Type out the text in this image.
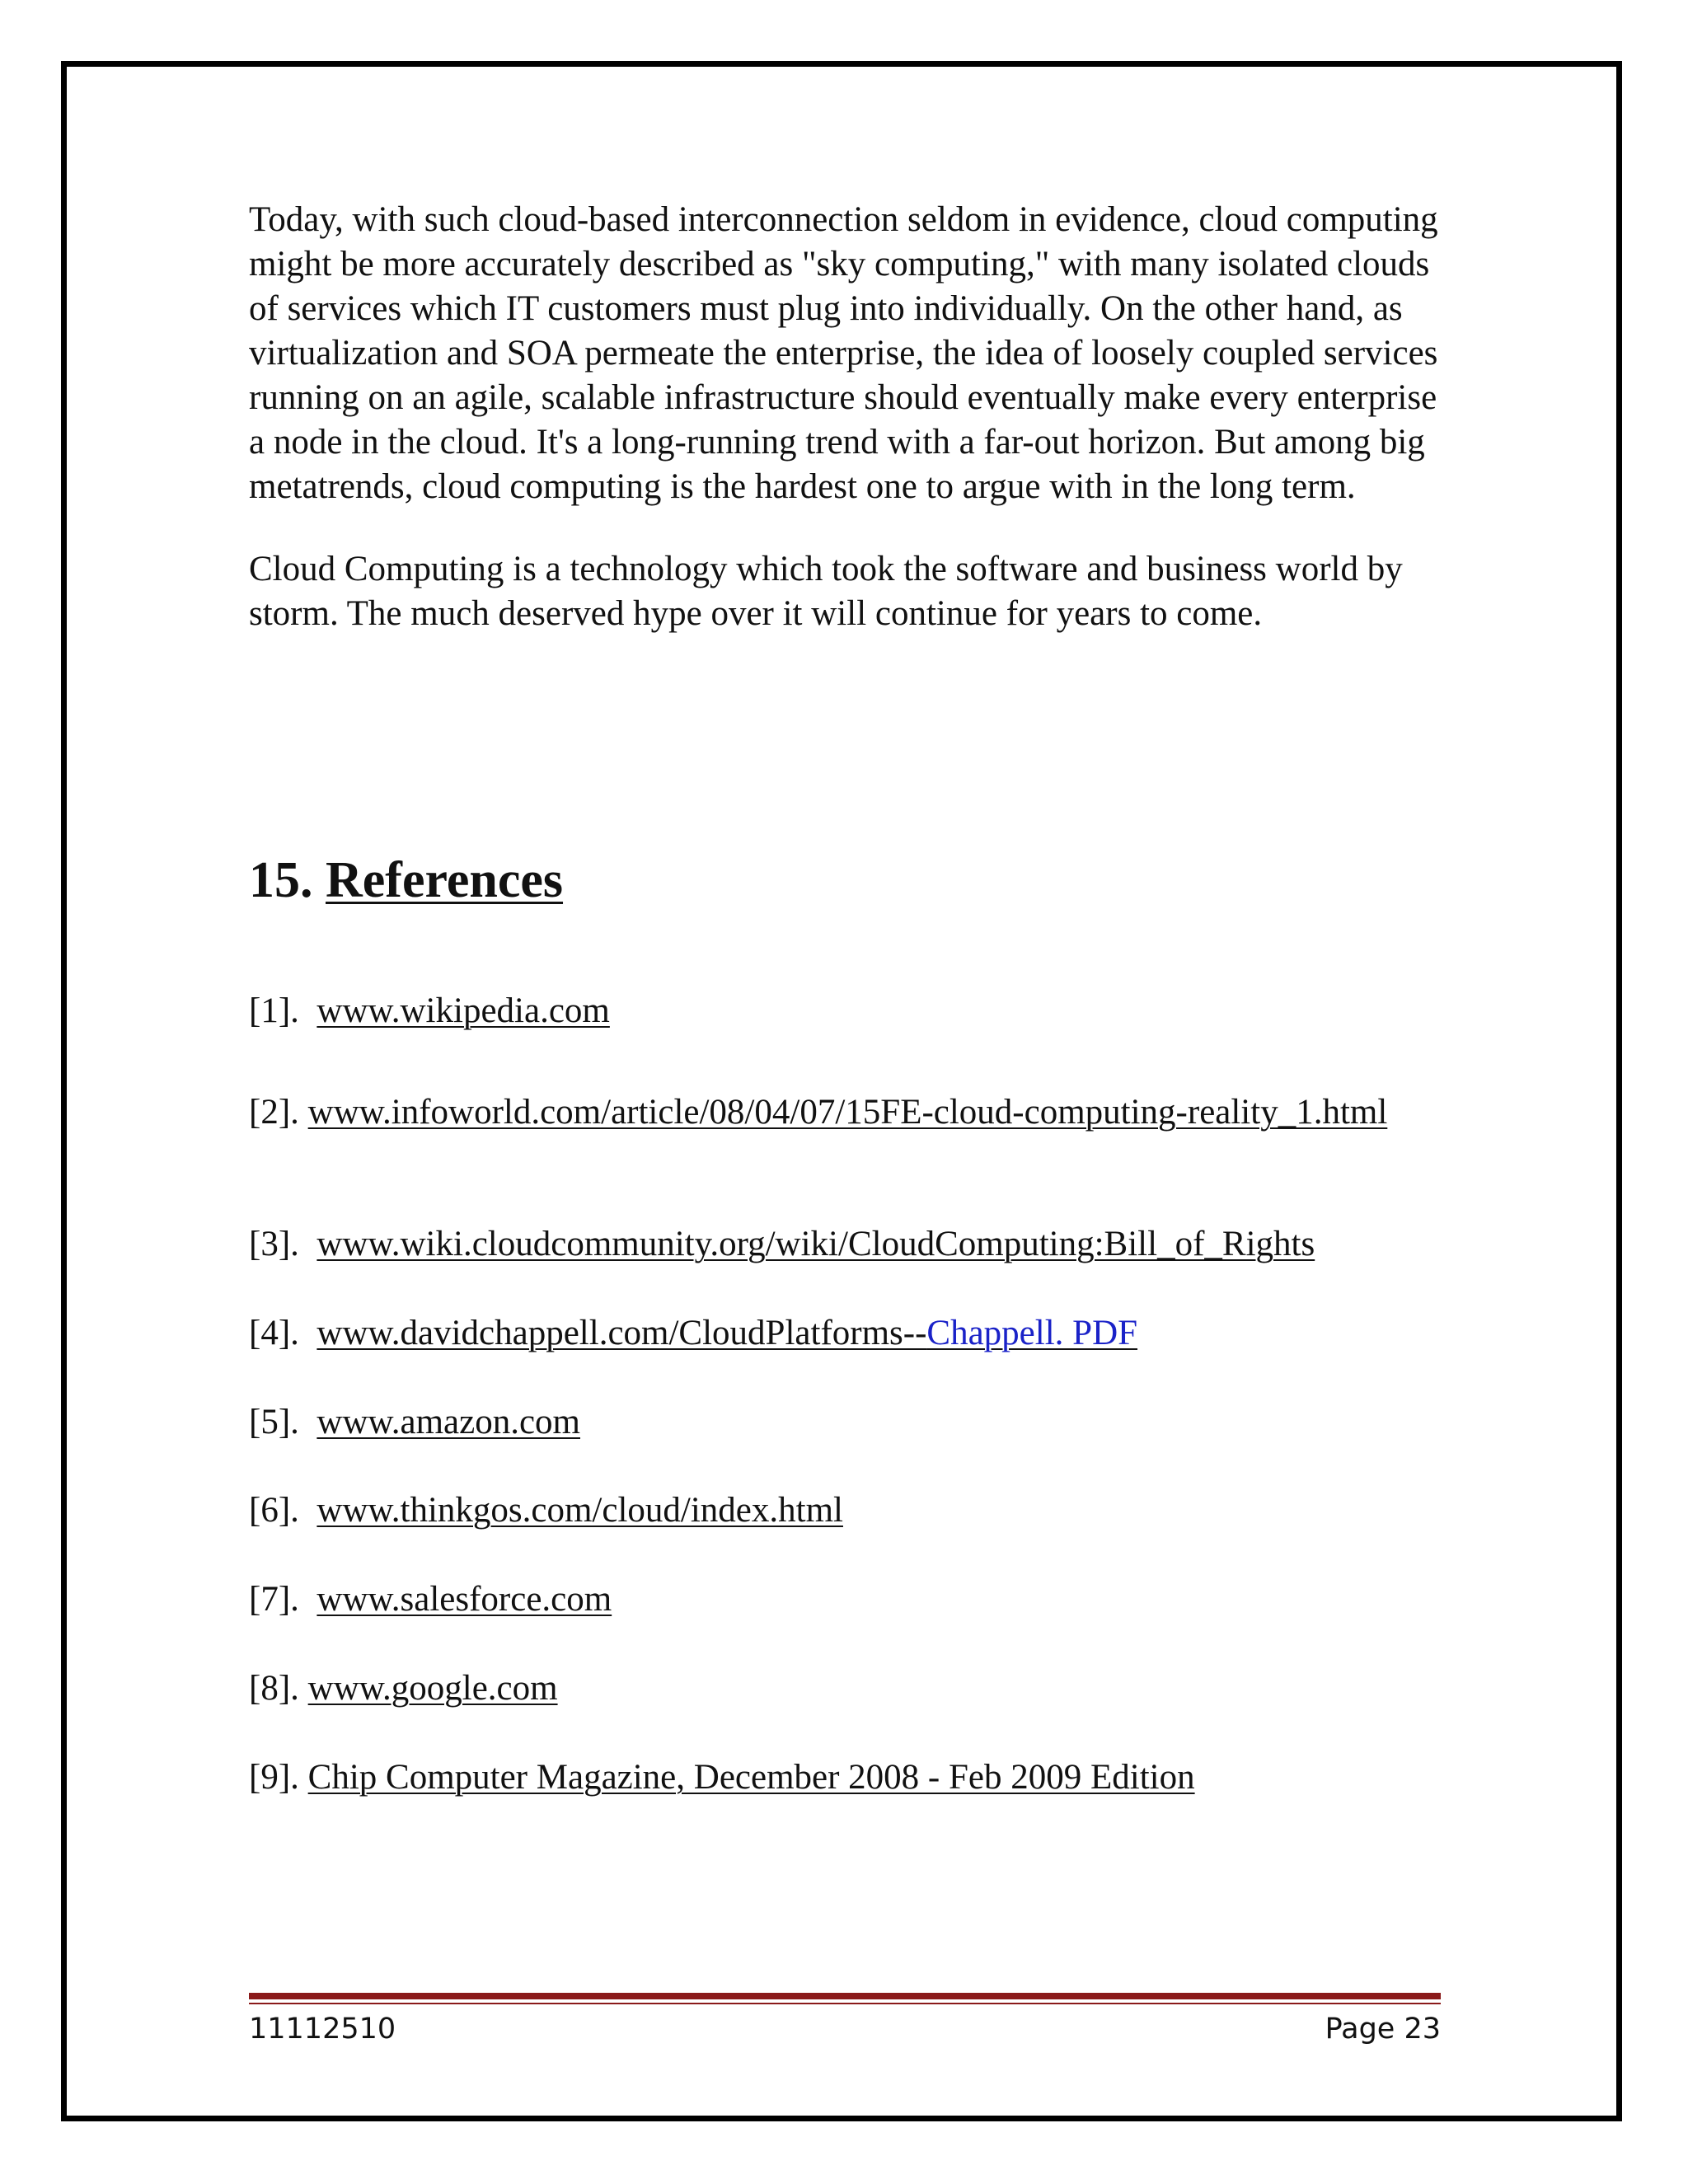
Today, with such cloud-based interconnection seldom in evidence, cloud computing might be more accurately described as "sky computing," with many isolated clouds of services which IT customers must plug into individually. On the other hand, as virtualization and SOA permeate the enterprise, the idea of loosely coupled services running on an agile, scalable infrastructure should eventually make every enterprise a node in the cloud. It's a long-running trend with a far-out horizon. But among big metatrends, cloud computing is the hardest one to argue with in the long term.

Cloud Computing is a technology which took the software and business world by storm. The much deserved hype over it will continue for years to come.

15. References
[1]. www.wikipedia.com
[2]. www.infoworld.com/article/08/04/07/15FE-cloud-computing-reality_1.html
[3]. www.wiki.cloudcommunity.org/wiki/CloudComputing:Bill_of_Rights
[4]. www.davidchappell.com/CloudPlatforms--Chappell. PDF
[5]. www.amazon.com
[6]. www.thinkgos.com/cloud/index.html
[7]. www.salesforce.com
[8]. www.google.com
[9]. Chip Computer Magazine, December 2008 - Feb 2009 Edition
11112510	Page 23
